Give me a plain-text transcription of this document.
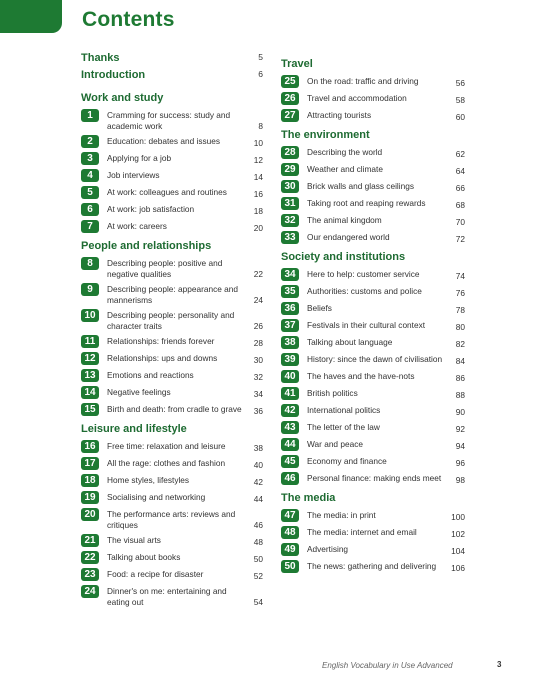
Contents
Thanks	5
Introduction	6
Work and study
1	Cramming for success: study and academic work	8
2	Education: debates and issues	10
3	Applying for a job	12
4	Job interviews	14
5	At work: colleagues and routines	16
6	At work: job satisfaction	18
7	At work: careers	20
People and relationships
8	Describing people: positive and negative qualities	22
9	Describing people: appearance and mannerisms	24
10	Describing people: personality and character traits	26
11	Relationships: friends forever	28
12	Relationships: ups and downs	30
13	Emotions and reactions	32
14	Negative feelings	34
15	Birth and death: from cradle to grave	36
Leisure and lifestyle
16	Free time: relaxation and leisure	38
17	All the rage: clothes and fashion	40
18	Home styles, lifestyles	42
19	Socialising and networking	44
20	The performance arts: reviews and critiques	46
21	The visual arts	48
22	Talking about books	50
23	Food: a recipe for disaster	52
24	Dinner's on me: entertaining and eating out	54
Travel
25	On the road: traffic and driving	56
26	Travel and accommodation	58
27	Attracting tourists	60
The environment
28	Describing the world	62
29	Weather and climate	64
30	Brick walls and glass ceilings	66
31	Taking root and reaping rewards	68
32	The animal kingdom	70
33	Our endangered world	72
Society and institutions
34	Here to help: customer service	74
35	Authorities: customs and police	76
36	Beliefs	78
37	Festivals in their cultural context	80
38	Talking about language	82
39	History: since the dawn of civilisation	84
40	The haves and the have-nots	86
41	British politics	88
42	International politics	90
43	The letter of the law	92
44	War and peace	94
45	Economy and finance	96
46	Personal finance: making ends meet	98
The media
47	The media: in print	100
48	The media: internet and email	102
49	Advertising	104
50	The news: gathering and delivering	106
English Vocabulary in Use Advanced	3
